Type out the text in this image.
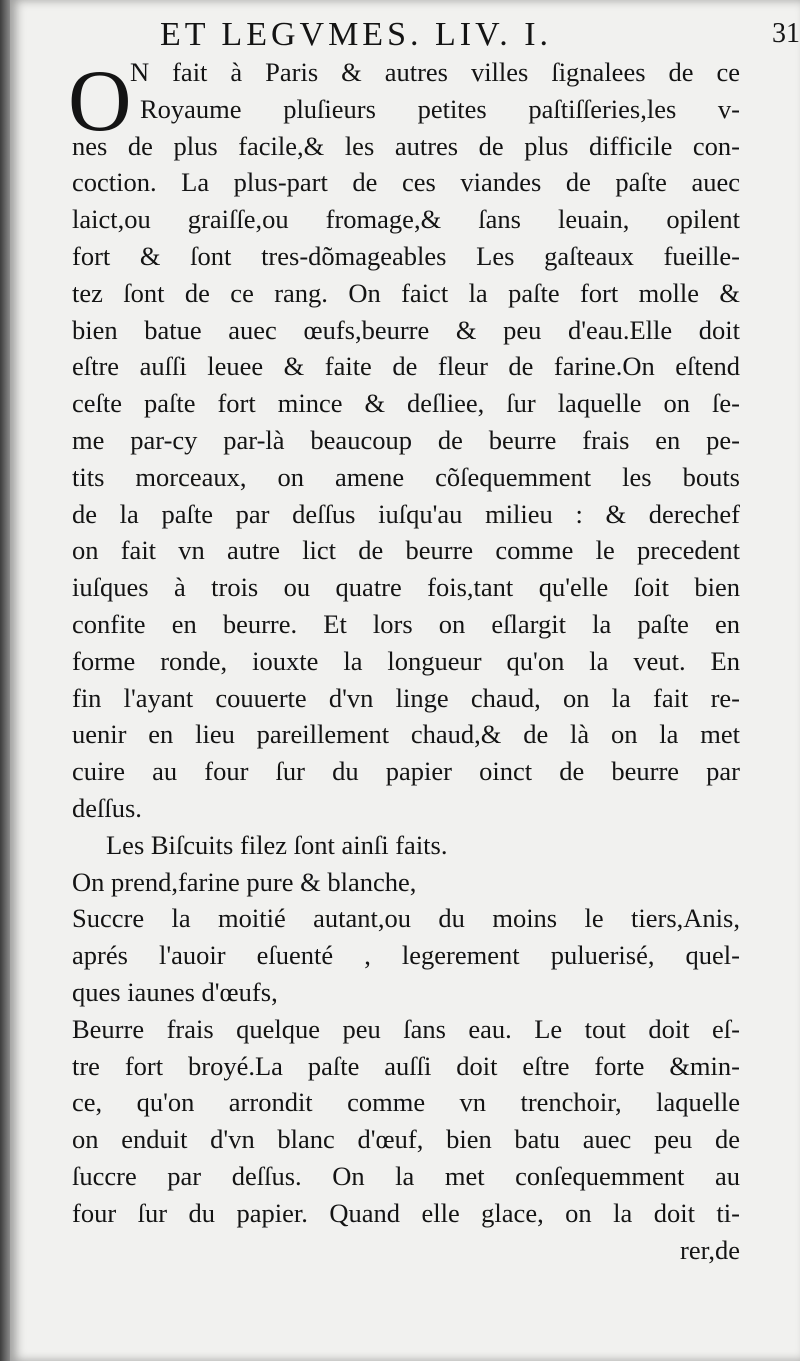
ET LEGVMES. LIV. I.	31
O
N fait à Paris & autres villes ſignalees de ce
Royaume pluſieurs petites paſtiſſeries,les v-
nes de plus facile,& les autres de plus difficile con-
coction. La plus-part de ces viandes de paſte auec
laict,ou graiſſe,ou fromage,& ſans leuain, opilent
fort & ſont tres-dõmageables Les gaſteaux fueille-
tez ſont de ce rang. On faict la paſte fort molle &
bien batue auec œufs,beurre & peu d'eau.Elle doit
eſtre auſſi leuee & faite de fleur de farine.On eſtend
ceſte paſte fort mince & deſliee, ſur laquelle on ſe-
me par-cy par-là beaucoup de beurre frais en pe-
tits morceaux, on amene cõſequemment les bouts
de la paſte par deſſus iuſqu'au milieu : & derechef
on fait vn autre lict de beurre comme le precedent
iuſques à trois ou quatre fois,tant qu'elle ſoit bien
confite en beurre. Et lors on eſlargit la paſte en
forme ronde, iouxte la longueur qu'on la veut. En
fin l'ayant couuerte d'vn linge chaud, on la fait re-
uenir en lieu pareillement chaud,& de là on la met
cuire au four ſur du papier oinct de beurre par
deſſus.
Les Biſcuits filez ſont ainſi faits.
On prend,farine pure & blanche,
Succre la moitié autant,ou du moins le tiers,Anis,
aprés l'auoir eſuenté , legerement puluerisé, quel-
ques iaunes d'œufs,
Beurre frais quelque peu ſans eau. Le tout doit eſ-
tre fort broyé.La paſte auſſi doit eſtre forte &min-
ce, qu'on arrondit comme vn trenchoir, laquelle
on enduit d'vn blanc d'œuf, bien batu auec peu de
ſuccre par deſſus. On la met conſequemment au
four ſur du papier. Quand elle glace, on la doit ti-
rer,de
